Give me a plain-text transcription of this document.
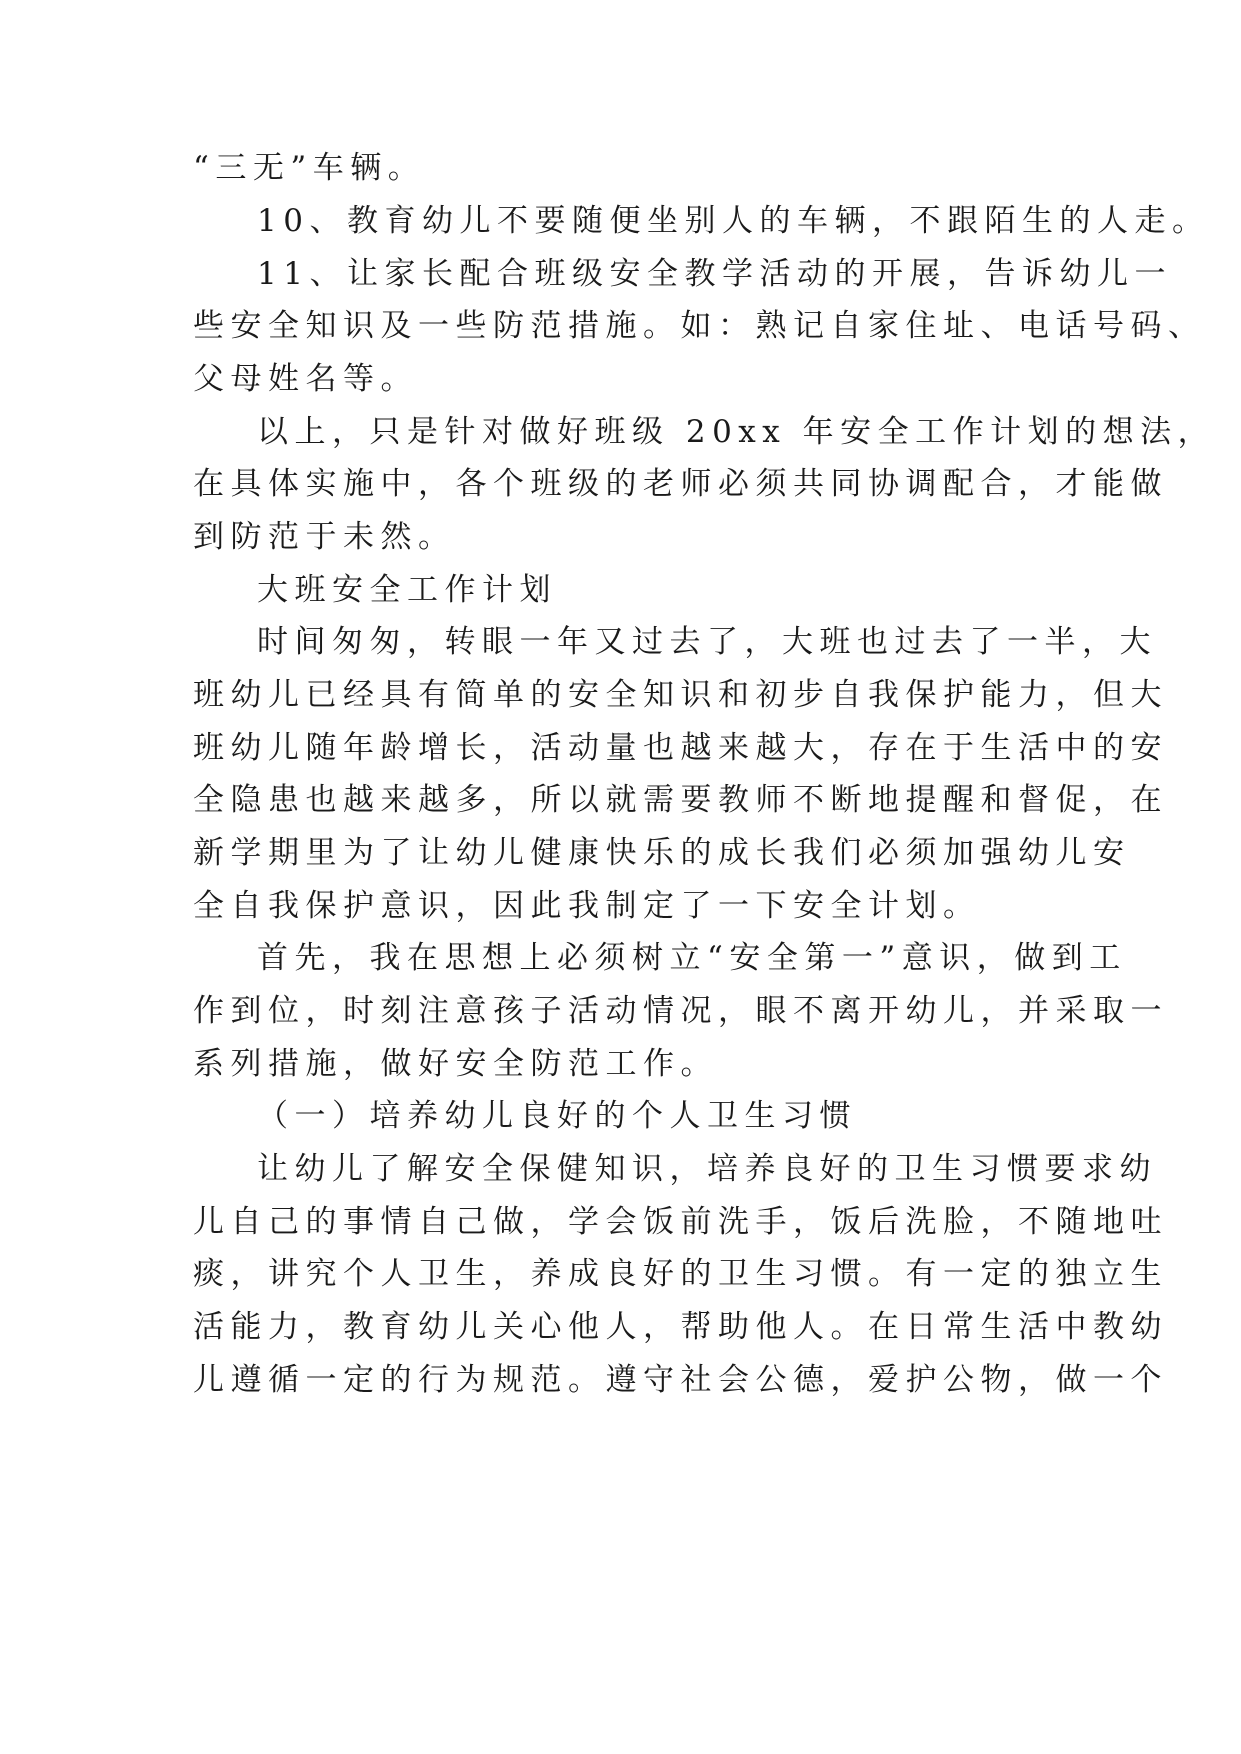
“三无”车辆。
10、教育幼儿不要随便坐别人的车辆，不跟陌生的人走。
11、让家长配合班级安全教学活动的开展，告诉幼儿一
些安全知识及一些防范措施。如：熟记自家住址、电话号码、
父母姓名等。
以上，只是针对做好班级 20xx 年安全工作计划的想法，
在具体实施中，各个班级的老师必须共同协调配合，才能做
到防范于未然。
大班安全工作计划
时间匆匆，转眼一年又过去了，大班也过去了一半，大
班幼儿已经具有简单的安全知识和初步自我保护能力，但大
班幼儿随年龄增长，活动量也越来越大，存在于生活中的安
全隐患也越来越多，所以就需要教师不断地提醒和督促，在
新学期里为了让幼儿健康快乐的成长我们必须加强幼儿安
全自我保护意识，因此我制定了一下安全计划。
首先，我在思想上必须树立“安全第一”意识，做到工
作到位，时刻注意孩子活动情况，眼不离开幼儿，并采取一
系列措施，做好安全防范工作。
（一）培养幼儿良好的个人卫生习惯
让幼儿了解安全保健知识，培养良好的卫生习惯要求幼
儿自己的事情自己做，学会饭前洗手，饭后洗脸，不随地吐
痰，讲究个人卫生，养成良好的卫生习惯。有一定的独立生
活能力，教育幼儿关心他人，帮助他人。在日常生活中教幼
儿遵循一定的行为规范。遵守社会公德，爱护公物，做一个
